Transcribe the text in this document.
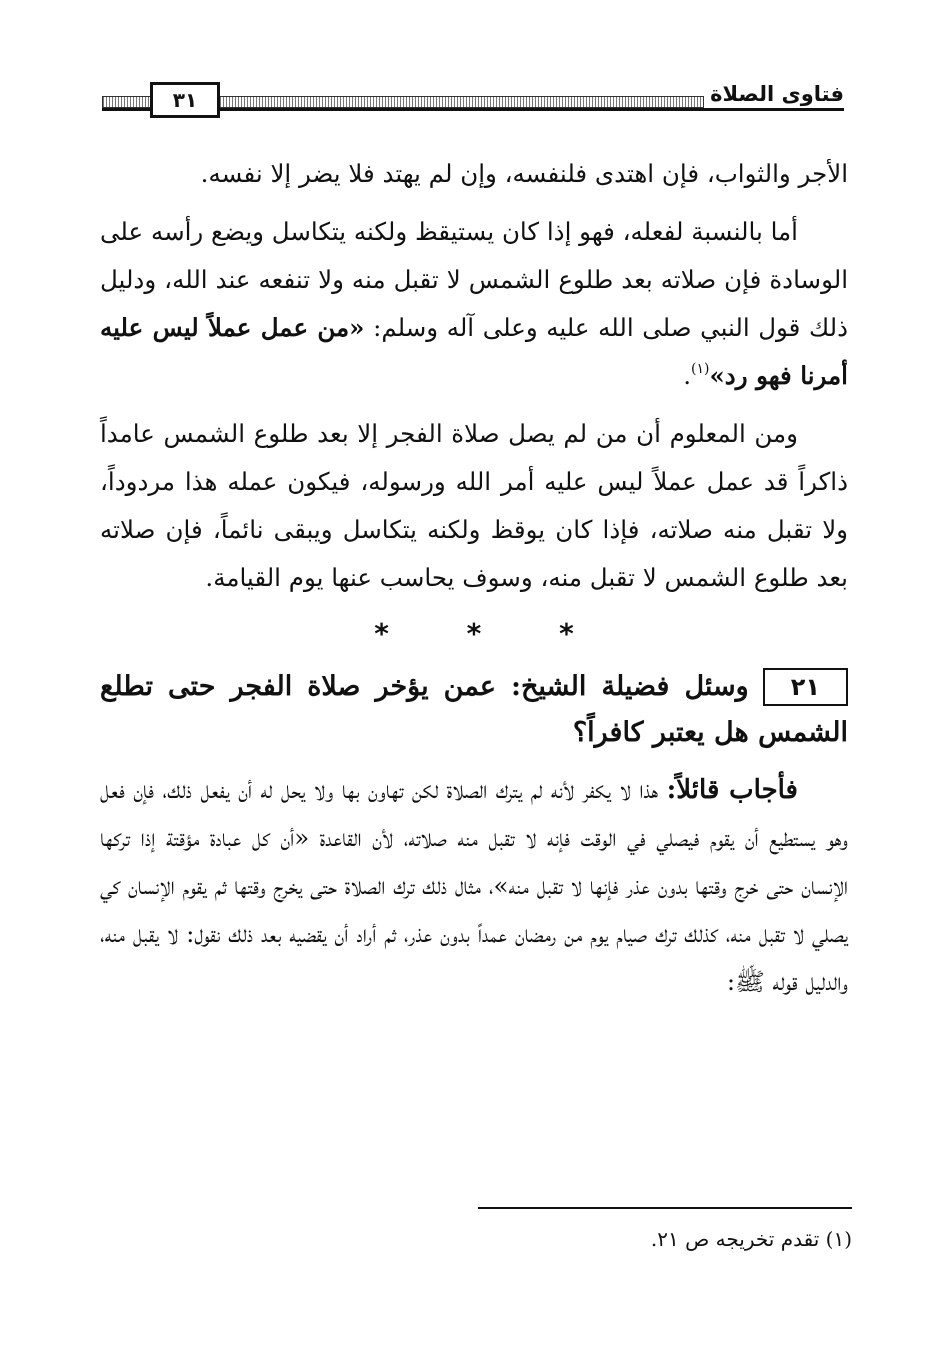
٣١	فتاوى الصلاة

الأجر والثواب، فإن اهتدى فلنفسه، وإن لم يهتد فلا يضر إلا نفسه.

أما بالنسبة لفعله، فهو إذا كان يستيقظ ولكنه يتكاسل ويضع رأسه على الوسادة فإن صلاته بعد طلوع الشمس لا تقبل منه ولا تنفعه عند الله، ودليل ذلك قول النبي صلى الله عليه وعلى آله وسلم: «من عمل عملاً ليس عليه أمرنا فهو رد»$^{(١)}$.

ومن المعلوم أن من لم يصل صلاة الفجر إلا بعد طلوع الشمس عامداً ذاكراً قد عمل عملاً ليس عليه أمر الله ورسوله، فيكون عمله هذا مردوداً، ولا تقبل منه صلاته، فإذا كان يوقظ ولكنه يتكاسل ويبقى نائماً، فإن صلاته بعد طلوع الشمس لا تقبل منه، وسوف يحاسب عنها يوم القيامة.

* * *

٢١وسئل فضيلة الشيخ: عمن يؤخر صلاة الفجر حتى تطلع الشمس هل يعتبر كافراً؟

فأجاب قائلاً: هذا لا يكفر لأنه لم يترك الصلاة لكن تهاون بها ولا يحل له أن يفعل ذلك، فإن فعل وهو يستطيع أن يقوم فيصلي في الوقت فإنه لا تقبل منه صلاته، لأن القاعدة «أن كل عبادة مؤقتة إذا تركها الإنسان حتى خرج وقتها بدون عذر فإنها لا تقبل منه»، مثال ذلك ترك الصلاة حتى يخرج وقتها ثم يقوم الإنسان كي يصلي لا تقبل منه، كذلك ترك صيام يوم من رمضان عمداً بدون عذر، ثم أراد أن يقضيه بعد ذلك نقول: لا يقبل منه، والدليل قوله ﷺ:

(١) تقدم تخريجه ص ٢١.
